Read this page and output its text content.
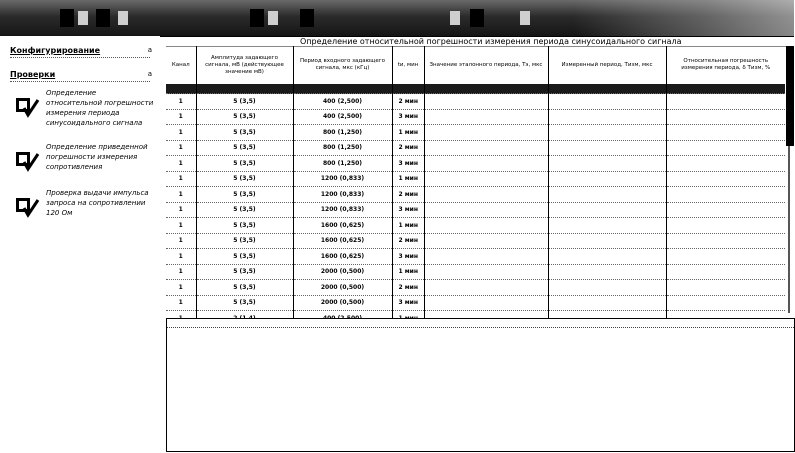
Конфигурирование	a
Проверки	a
Определение относительной погрешности измерения периода синусоидального сигнала
Определение приведенной погрешности измерения сопротивления
Проверка выдачи импульса запроса на сопротивлении 120 Ом
Определение относительной погрешности измерения периода синусоидального сигнала
Канал	Амплитуда задающего сигнала, мВ (действующее значение мВ)	Период входного задающего сигнала, мкс (кГц)	tи, мин	Значение эталонного периода, Тэ, мкс	Измеренный период, Тизм, мкс	Относительная погрешность измерения периода, δ Тизм, %

1	5 (3,5)	400 (2,500)	2 мин			
1	5 (3,5)	400 (2,500)	3 мин			
1	5 (3,5)	800 (1,250)	1 мин			
1	5 (3,5)	800 (1,250)	2 мин			
1	5 (3,5)	800 (1,250)	3 мин			
1	5 (3,5)	1200 (0,833)	1 мин			
1	5 (3,5)	1200 (0,833)	2 мин			
1	5 (3,5)	1200 (0,833)	3 мин			
1	5 (3,5)	1600 (0,625)	1 мин			
1	5 (3,5)	1600 (0,625)	2 мин			
1	5 (3,5)	1600 (0,625)	3 мин			
1	5 (3,5)	2000 (0,500)	1 мин			
1	5 (3,5)	2000 (0,500)	2 мин			
1	5 (3,5)	2000 (0,500)	3 мин			
